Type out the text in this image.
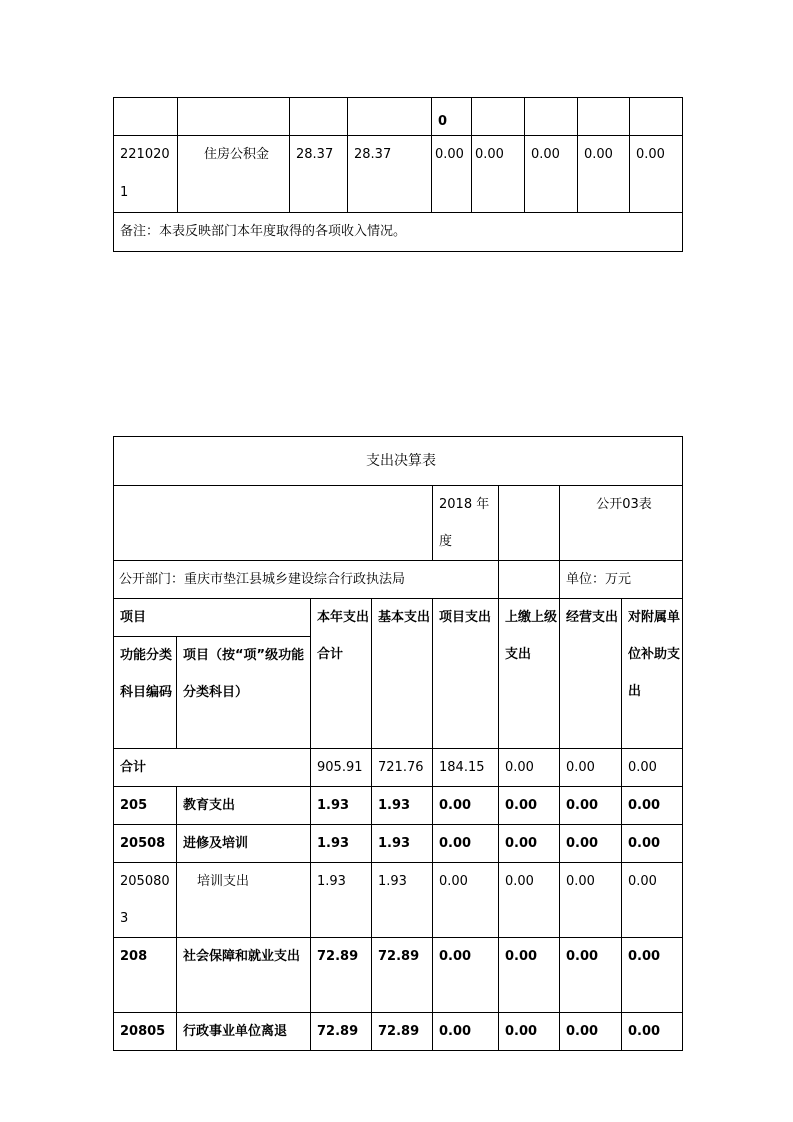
				0				
221020
1	住房公积金	28.37	28.37	0.00	0.00	0.00	0.00	0.00
备注：本表反映部门本年度取得的各项收入情况。								
支出决算表							
				2018 年度		公开03表	
公开部门：重庆市垫江县城乡建设综合行政执法局						单位：万元	
项目		本年支出合计	基本支出	项目支出	上缴上级支出	经营支出	对附属单位补助支出
功能分类科目编码	项目（按“项”级功能分类科目）						
合计		905.91	721.76	184.15	0.00	0.00	0.00
205	教育支出	1.93	1.93	0.00	0.00	0.00	0.00
20508	进修及培训	1.93	1.93	0.00	0.00	0.00	0.00
2050803	培训支出	1.93	1.93	0.00	0.00	0.00	0.00
208	社会保障和就业支出	72.89	72.89	0.00	0.00	0.00	0.00
20805	行政事业单位离退	72.89	72.89	0.00	0.00	0.00	0.00
